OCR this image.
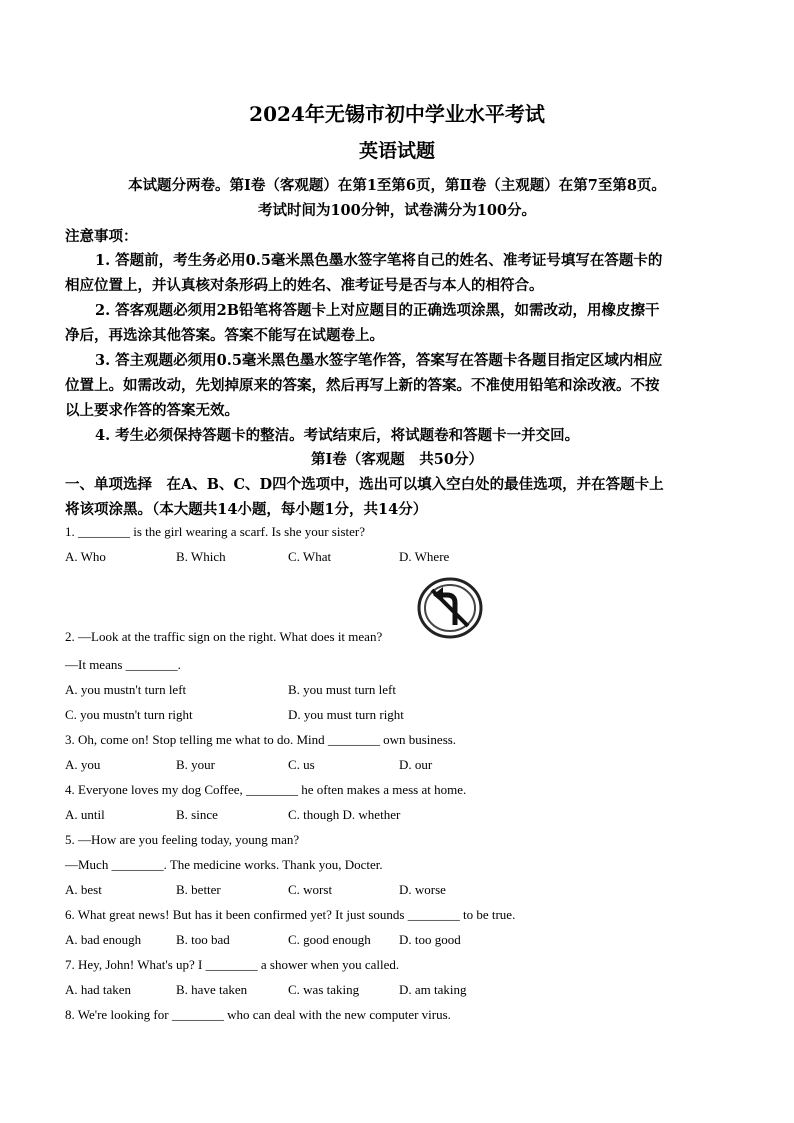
2024年无锡市初中学业水平考试
英语试题
本试题分两卷。第Ⅰ卷（客观题）在第1至第6页，第Ⅱ卷（主观题）在第7至第8页。
考试时间为100分钟，试卷满分为100分。
注意事项：
1. 答题前，考生务必用0.5毫米黑色墨水签字笔将自己的姓名、准考证号填写在答题卡的
相应位置上，并认真核对条形码上的姓名、准考证号是否与本人的相符合。
2. 答客观题必须用2B铅笔将答题卡上对应题目的正确选项涂黑，如需改动，用橡皮擦干
净后，再选涂其他答案。答案不能写在试题卷上。
3. 答主观题必须用0.5毫米黑色墨水签字笔作答，答案写在答题卡各题目指定区域内相应
位置上。如需改动，先划掉原来的答案，然后再写上新的答案。不准使用铅笔和涂改液。不按
以上要求作答的答案无效。
4. 考生必须保持答题卡的整洁。考试结束后，将试题卷和答题卡一并交回。
第Ⅰ卷（客观题　共50分）
一、单项选择　在A、B、C、D四个选项中，选出可以填入空白处的最佳选项，并在答题卡上
将该项涂黑。（本大题共14小题，每小题1分，共14分）
1. ________ is the girl wearing a scarf. Is she your sister?
A. Who	B. Which	C. What	D. Where
2. —Look at the traffic sign on the right. What does it mean?
—It means ________.
A. you mustn't turn left	B. you must turn left
C. you mustn't turn right	D. you must turn right
3. Oh, come on! Stop telling me what to do. Mind ________ own business.
A. you	B. your	C. us	D. our
4. Everyone loves my dog Coffee, ________ he often makes a mess at home.
A. until	B. since	C. though D. whether
5. —How are you feeling today, young man?
—Much ________. The medicine works. Thank you, Docter.
A. best	B. better	C. worst	D. worse
6. What great news! But has it been confirmed yet? It just sounds ________ to be true.
A. bad enough	B. too bad	C. good enough D. too good
7. Hey, John! What's up? I ________ a shower when you called.
A. had taken	B. have taken	C. was taking	D. am taking
8. We're looking for ________ who can deal with the new computer virus.
